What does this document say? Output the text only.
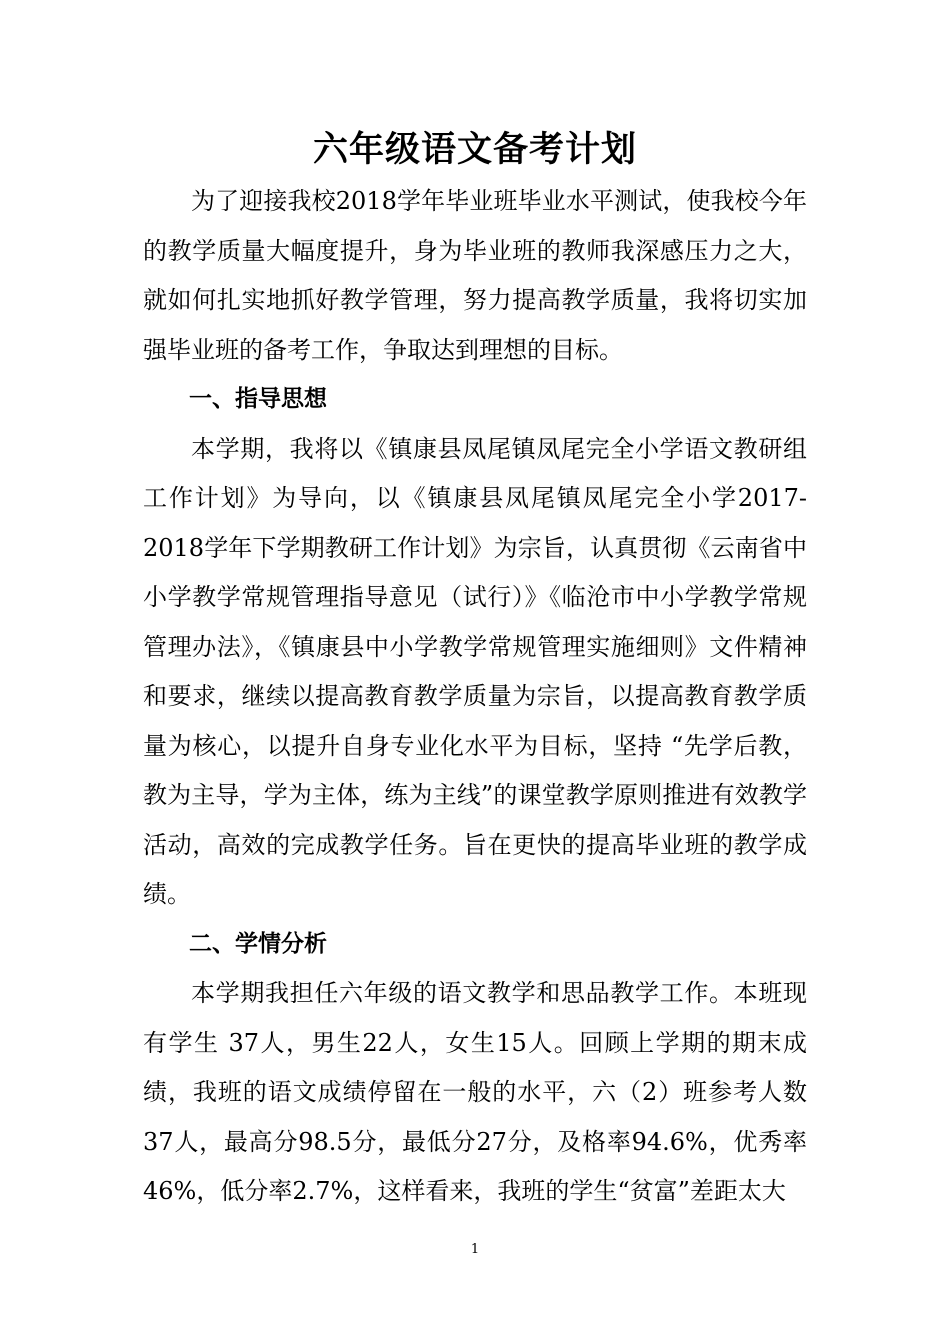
六年级语文备考计划

为了迎接我校2018学年毕业班毕业水平测试，使我校今年的教学质量大幅度提升，身为毕业班的教师我深感压力之大，就如何扎实地抓好教学管理，努力提高教学质量，我将切实加强毕业班的备考工作，争取达到理想的目标。

一、指导思想

本学期，我将以《镇康县凤尾镇凤尾完全小学语文教研组工作计划》为导向，以《镇康县凤尾镇凤尾完全小学2017-2018学年下学期教研工作计划》为宗旨，认真贯彻《云南省中小学教学常规管理指导意见（试行）》《临沧市中小学教学常规管理办法》，《镇康县中小学教学常规管理实施细则》文件精神和要求，继续以提高教育教学质量为宗旨，以提高教育教学质量为核心，以提升自身专业化水平为目标，坚持 “先学后教，教为主导，学为主体，练为主线”的课堂教学原则推进有效教学活动，高效的完成教学任务。旨在更快的提高毕业班的教学成绩。

二、学情分析

本学期我担任六年级的语文教学和思品教学工作。本班现有学生 37人，男生22人，女生15人。回顾上学期的期末成绩，我班的语文成绩停留在一般的水平，六（2）班参考人数37人，最高分98.5分，最低分27分，及格率94.6%，优秀率46%，低分率2.7%，这样看来，我班的学生“贫富”差距太大

1
